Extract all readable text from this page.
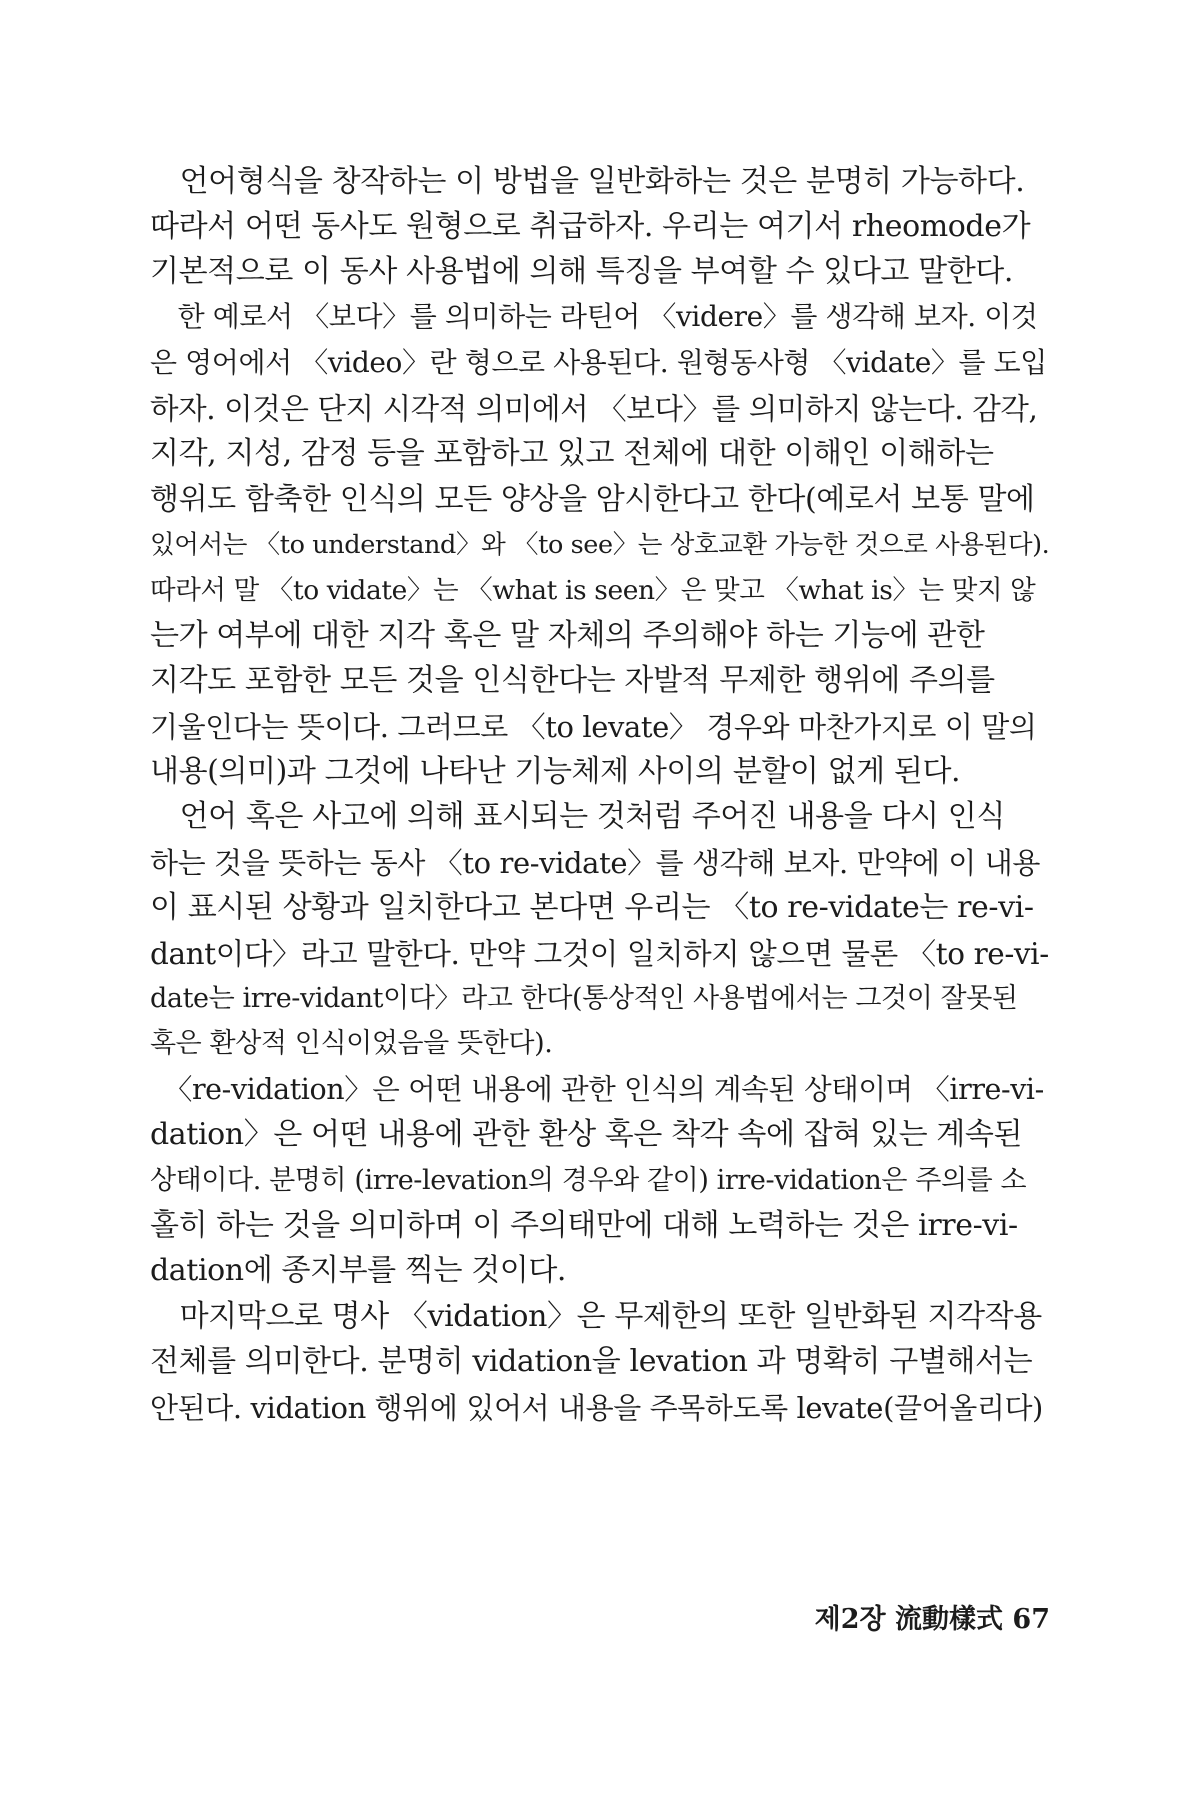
　언어형식을 창작하는 이 방법을 일반화하는 것은 분명히 가능하다.
따라서 어떤 동사도 원형으로 취급하자. 우리는 여기서 rheomode가
기본적으로 이 동사 사용법에 의해 특징을 부여할 수 있다고 말한다.
　한 예로서 〈보다〉를 의미하는 라틴어 〈videre〉를 생각해 보자. 이것
은 영어에서 〈video〉란 형으로 사용된다. 원형동사형 〈vidate〉를 도입
하자. 이것은 단지 시각적 의미에서 〈보다〉를 의미하지 않는다. 감각,
지각, 지성, 감정 등을 포함하고 있고 전체에 대한 이해인 이해하는
행위도 함축한 인식의 모든 양상을 암시한다고 한다(예로서 보통 말에
있어서는 〈to understand〉와 〈to see〉는 상호교환 가능한 것으로 사용된다).
따라서 말 〈to vidate〉는 〈what is seen〉은 맞고 〈what is〉는 맞지 않
는가 여부에 대한 지각 혹은 말 자체의 주의해야 하는 기능에 관한
지각도 포함한 모든 것을 인식한다는 자발적 무제한 행위에 주의를
기울인다는 뜻이다. 그러므로 〈to levate〉 경우와 마찬가지로 이 말의
내용(의미)과 그것에 나타난 기능체제 사이의 분할이 없게 된다.
　언어 혹은 사고에 의해 표시되는 것처럼 주어진 내용을 다시 인식
하는 것을 뜻하는 동사 〈to re-vidate〉를 생각해 보자. 만약에 이 내용
이 표시된 상황과 일치한다고 본다면 우리는 〈to re-vidate는 re-vi-
dant이다〉라고 말한다. 만약 그것이 일치하지 않으면 물론 〈to re-vi-
date는 irre-vidant이다〉라고 한다(통상적인 사용법에서는 그것이 잘못된
혹은 환상적 인식이었음을 뜻한다).
　〈re-vidation〉은 어떤 내용에 관한 인식의 계속된 상태이며 〈irre-vi-
dation〉은 어떤 내용에 관한 환상 혹은 착각 속에 잡혀 있는 계속된
상태이다. 분명히 (irre-levation의 경우와 같이) irre-vidation은 주의를 소
홀히 하는 것을 의미하며 이 주의태만에 대해 노력하는 것은 irre-vi-
dation에 종지부를 찍는 것이다.
　마지막으로 명사 〈vidation〉은 무제한의 또한 일반화된 지각작용
전체를 의미한다. 분명히 vidation을 levation 과 명확히 구별해서는
안된다. vidation 행위에 있어서 내용을 주목하도록 levate(끌어올리다)
제2장 流動樣式 67
